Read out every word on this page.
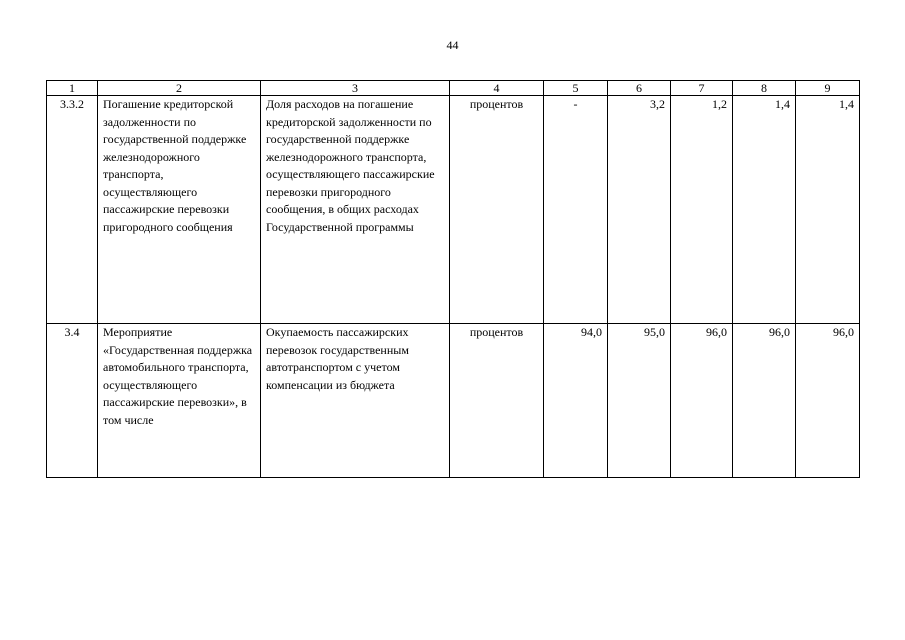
44
1	2	3	4	5	6	7	8	9
3.3.2	Погашение кредиторской задолженности по государственной поддержке железнодорожного транспорта, осуществляющего пассажирские перевозки пригородного сообщения	Доля расходов на погашение кредиторской задолженности по государственной поддержке железнодорожного транспорта, осуществляющего пассажирские перевозки пригородного сообщения, в общих расходах Государственной программы	процентов	-	3,2	1,2	1,4	1,4
3.4	Мероприятие «Государственная поддержка автомобильного транспорта, осуществляющего пассажирские перевозки», в том числе	Окупаемость пассажирских перевозок государственным автотранспортом с учетом компенсации из бюджета	процентов	94,0	95,0	96,0	96,0	96,0
